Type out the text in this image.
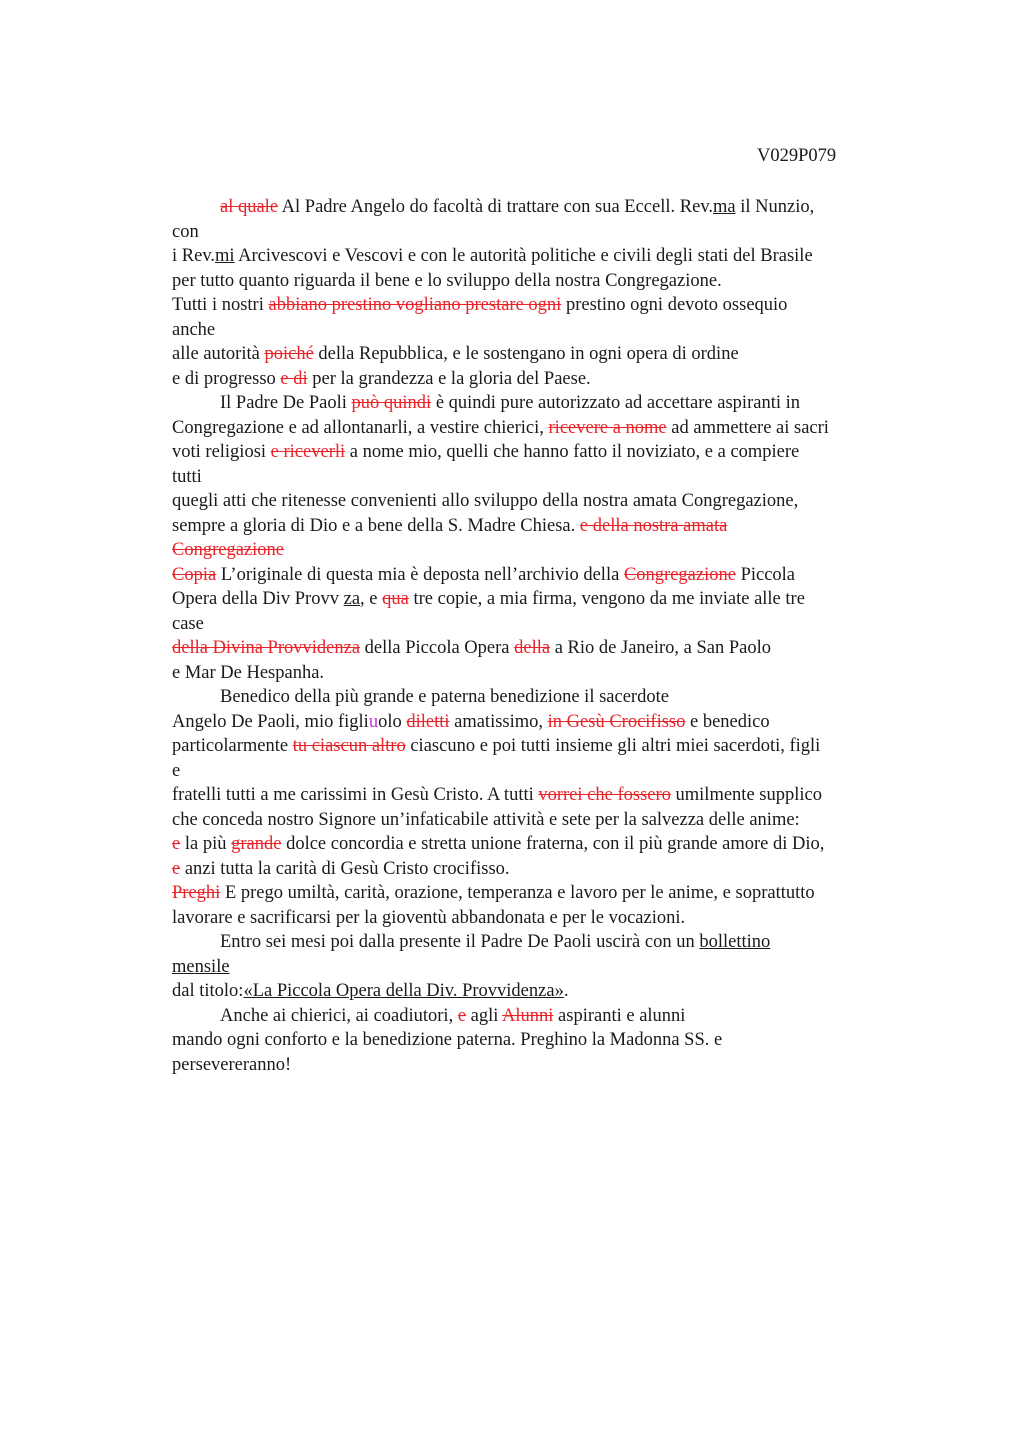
V029P079
al quale Al Padre Angelo do facoltà di trattare con sua Eccell. Rev.ma il Nunzio,
con
i Rev.mi Arcivescovi e Vescovi e con le autorità politiche e civili degli stati del Brasile
per tutto quanto riguarda il bene e lo sviluppo della nostra Congregazione.
Tutti i nostri abbiano prestino vogliano prestare ogni prestino ogni devoto ossequio
anche
alle autorità poiché della Repubblica, e le sostengano in ogni opera di ordine
e di progresso e di per la grandezza e la gloria del Paese.
Il Padre De Paoli può quindi è quindi pure autorizzato ad accettare aspiranti in
Congregazione e ad allontanarli, a vestire chierici, ricevere a nome ad ammettere ai sacri
voti religiosi e riceverli a nome mio, quelli che hanno fatto il noviziato, e a compiere
tutti
quegli atti che ritenesse convenienti allo sviluppo della nostra amata Congregazione,
sempre a gloria di Dio e a bene della S. Madre Chiesa. e della nostra amata
Congregazione
Copia L’originale di questa mia è deposta nell’archivio della Congregazione Piccola
Opera della Div Provv za, e qua tre copie, a mia firma, vengono da me inviate alle tre
case
della Divina Provvidenza della Piccola Opera della a Rio de Janeiro, a San Paolo
e Mar De Hespanha.
Benedico della più grande e paterna benedizione il sacerdote
Angelo De Paoli, mio figliuolo diletti amatissimo, in Gesù Crocifisso e benedico
particolarmente tu ciascun altro ciascuno e poi tutti insieme gli altri miei sacerdoti, figli
e
fratelli tutti a me carissimi in Gesù Cristo. A tutti vorrei che fossero umilmente supplico
che conceda nostro Signore un’infaticabile attività e sete per la salvezza delle anime:
e la più grande dolce concordia e stretta unione fraterna, con il più grande amore di Dio,
e anzi tutta la carità di Gesù Cristo crocifisso.
Preghi E prego umiltà, carità, orazione, temperanza e lavoro per le anime, e soprattutto
lavorare e sacrificarsi per la gioventù abbandonata e per le vocazioni.
Entro sei mesi poi dalla presente il Padre De Paoli uscirà con un bollettino
mensile
dal titolo:«La Piccola Opera della Div. Provvidenza».
Anche ai chierici, ai coadiutori, e agli Alunni aspiranti e alunni
mando ogni conforto e la benedizione paterna. Preghino la Madonna SS. e
persevereranno!
